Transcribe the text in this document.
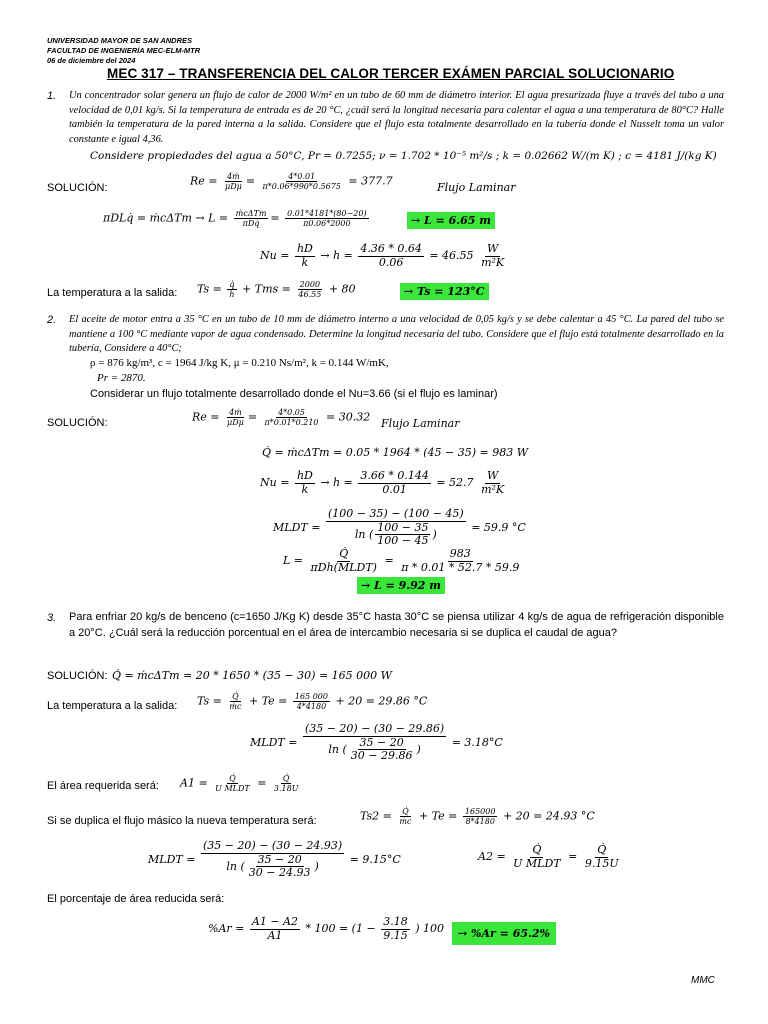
UNIVERSIDAD MAYOR DE SAN ANDRES
FACULTAD DE INGENIERÍA MEC-ELM-MTR
06 de diciembre del 2024
MEC 317 – TRANSFERENCIA DEL CALOR TERCER EXÁMEN PARCIAL SOLUCIONARIO
1. Un concentrador solar genera un flujo de calor de 2000 W/m² en un tubo de 60 mm de diámetro interior. El agua presurizada fluye a través del tubo a una velocidad de 0,01 kg/s. Si la temperatura de entrada es de 20 °C, ¿cuál será la longitud necesaria para calentar el agua a una temperatura de 80°C? Halle también la temperatura de la pared interna a la salida. Considere que el flujo esta totalmente desarrollado en la tubería donde el Nusselt toma un valor constante e igual 4,36.
Considere propiedades del agua a 50°C, Pr = 0.7255; ν = 1.702 * 10⁻⁵ m²/s ; k = 0.02662 W/(m K) ; c = 4181 J/(kg K)
SOLUCIÓN:
$Re = \frac{\text{4ṁ}}{\text{μDμ}} = \frac{4*0.01}{\pi*0.06*990*0.5675} = 377.7$	Flujo Laminar
πDLq̇ = ṁcΔTm → $L = \frac{\text{ṁcΔTm}}{\text{πDq̇}} = \frac{0.01*4181*(80-20)}{\pi 0.06*2000}$	→ L = 6.65 m
$Nu = \frac{hD}{k} \to h = \frac{4.36 * 0.64}{0.06} = 46.55 \frac{W}{\text{m²K}}$
La temperatura a la salida: $Ts = \frac{q̇}{h}$ + Tms = $\frac{2000}{46.55} + 80$	→ Ts = 123°C
2. El aceite de motor entra a 35 °C en un tubo de 10 mm de diámetro interno a una velocidad de 0,05 kg/s y se debe calentar a 45 °C. La pared del tubo se mantiene a 100 °C mediante vapor de agua condensado. Determine la longitud necesaria del tubo. Considere que el flujo está totalmente desarrollado en la tubería, Considere a 40°C;
ρ = 876 kg/m³, c = 1964 J/kg K, μ = 0.210 Ns/m², k = 0.144 W/mK,
Pr = 2870.
Considerar un flujo totalmente desarrollado donde el Nu=3.66 (si el flujo es laminar)
SOLUCIÓN:	$Re = \frac{\text{4ṁ}}{\text{μDμ}} = \frac{4*0.05}{\pi*0.01*0.210} = 30.32$ Flujo Laminar
Q̇ = ṁcΔTm = 0.05 * 1964 * (45 − 35) = 983 W
$Nu = \frac{hD}{k} \to h = \frac{3.66 * 0.144}{0.01} = 52.7 \frac{W}{\text{m²K}}$
MLDT = $\frac{(100 - 35) - (100 - 45)}{\ln ( \frac{100 - 35}{100 - 45} )} = 59.9$ °C
$L = \frac{Q̇}{\text{πDh(MLDT)}} = \frac{983}{\pi * 0.01 * 52.7 * 59.9}$
→ L = 9.92 m
3. Para enfriar 20 kg/s de benceno (c=1650 J/Kg K) desde 35°C hasta 30°C se piensa utilizar 4 kg/s de agua de refrigeración disponible a 20°C. ¿Cuál será la reducción porcentual en el área de intercambio necesaria si se duplica el caudal de agua?
SOLUCIÓN: Q̇ = ṁcΔTm = 20 * 1650 * (35 − 30) = 165 000 W
La temperatura a la salida: $Ts = \frac{Q̇}{\text{ṁc}} + Te = \frac{165 000}{4*4180} + 20 = 29.86$ °C
MLDT = $\frac{(35 - 20) - (30 - 29.86)}{\ln ( \frac{35 - 20}{30 - 29.86} )} = 3.18^\circ C$
El área requerida será: $A1 = \frac{Q̇}{\text{U MLDT}} = \frac{Q̇}{3.18U}$
Si se duplica el flujo másico la nueva temperatura será:	$Ts2 = \frac{Q̇}{\text{ṁc}} + Te = \frac{165000}{8*4180} + 20 = 24.93$ °C
MLDT = $\frac{(35 - 20) - (30 - 24.93)}{\ln ( \frac{35 - 20}{30 - 24.93} )} = 9.15^\circ C$	$A2 = \frac{Q̇}{\text{U MLDT}} = \frac{Q̇}{9.15U}$
El porcentaje de área reducida será:
$\%Ar = \frac{A1 - A2}{A1} * 100 = (1 - \frac{3.18}{9.15}$ ) 100	→ %Ar = 65.2%
MMC
